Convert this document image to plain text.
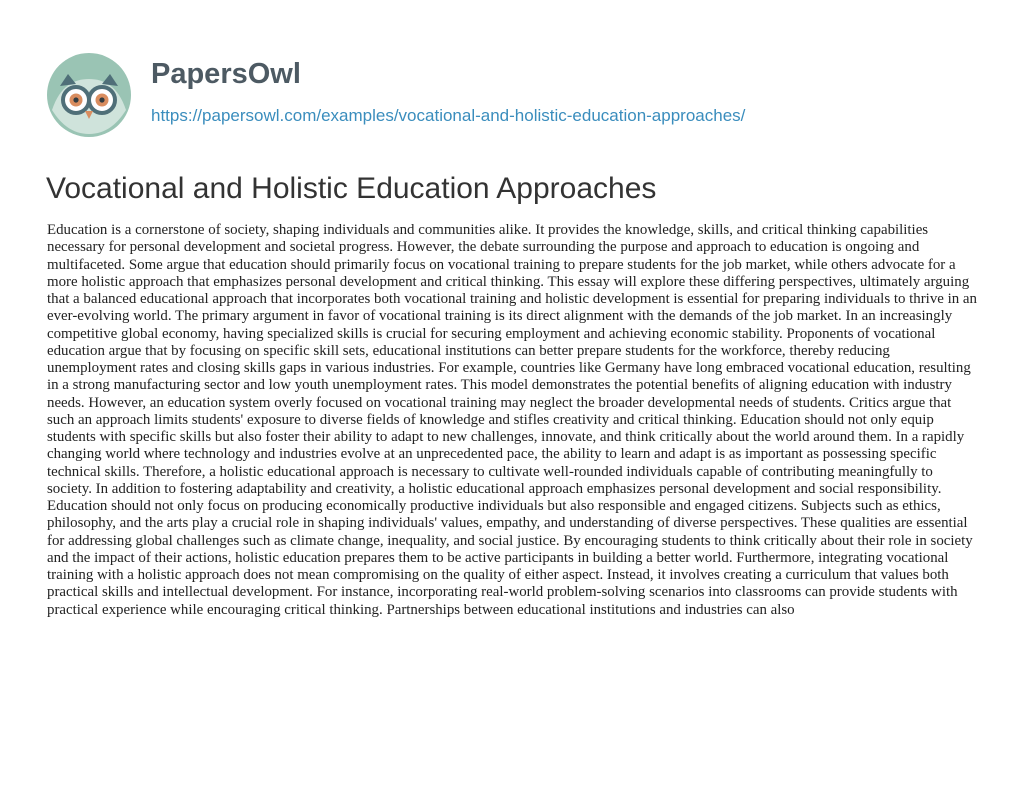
PapersOwl
https://papersowl.com/examples/vocational-and-holistic-education-approaches/
Vocational and Holistic Education Approaches

Education is a cornerstone of society, shaping individuals and communities alike. It provides the knowledge, skills, and critical thinking capabilities necessary for personal development and societal progress. However, the debate surrounding the purpose and approach to education is ongoing and multifaceted. Some argue that education should primarily focus on vocational training to prepare students for the job market, while others advocate for a more holistic approach that emphasizes personal development and critical thinking. This essay will explore these differing perspectives, ultimately arguing that a balanced educational approach that incorporates both vocational training and holistic development is essential for preparing individuals to thrive in an ever-evolving world. The primary argument in favor of vocational training is its direct alignment with the demands of the job market. In an increasingly competitive global economy, having specialized skills is crucial for securing employment and achieving economic stability. Proponents of vocational education argue that by focusing on specific skill sets, educational institutions can better prepare students for the workforce, thereby reducing unemployment rates and closing skills gaps in various industries. For example, countries like Germany have long embraced vocational education, resulting in a strong manufacturing sector and low youth unemployment rates. This model demonstrates the potential benefits of aligning education with industry needs. However, an education system overly focused on vocational training may neglect the broader developmental needs of students. Critics argue that such an approach limits students' exposure to diverse fields of knowledge and stifles creativity and critical thinking. Education should not only equip students with specific skills but also foster their ability to adapt to new challenges, innovate, and think critically about the world around them. In a rapidly changing world where technology and industries evolve at an unprecedented pace, the ability to learn and adapt is as important as possessing specific technical skills. Therefore, a holistic educational approach is necessary to cultivate well-rounded individuals capable of contributing meaningfully to society. In addition to fostering adaptability and creativity, a holistic educational approach emphasizes personal development and social responsibility. Education should not only focus on producing economically productive individuals but also responsible and engaged citizens. Subjects such as ethics, philosophy, and the arts play a crucial role in shaping individuals' values, empathy, and understanding of diverse perspectives. These qualities are essential for addressing global challenges such as climate change, inequality, and social justice. By encouraging students to think critically about their role in society and the impact of their actions, holistic education prepares them to be active participants in building a better world. Furthermore, integrating vocational training with a holistic approach does not mean compromising on the quality of either aspect. Instead, it involves creating a curriculum that values both practical skills and intellectual development. For instance, incorporating real-world problem-solving scenarios into classrooms can provide students with practical experience while encouraging critical thinking. Partnerships between educational institutions and industries can also
